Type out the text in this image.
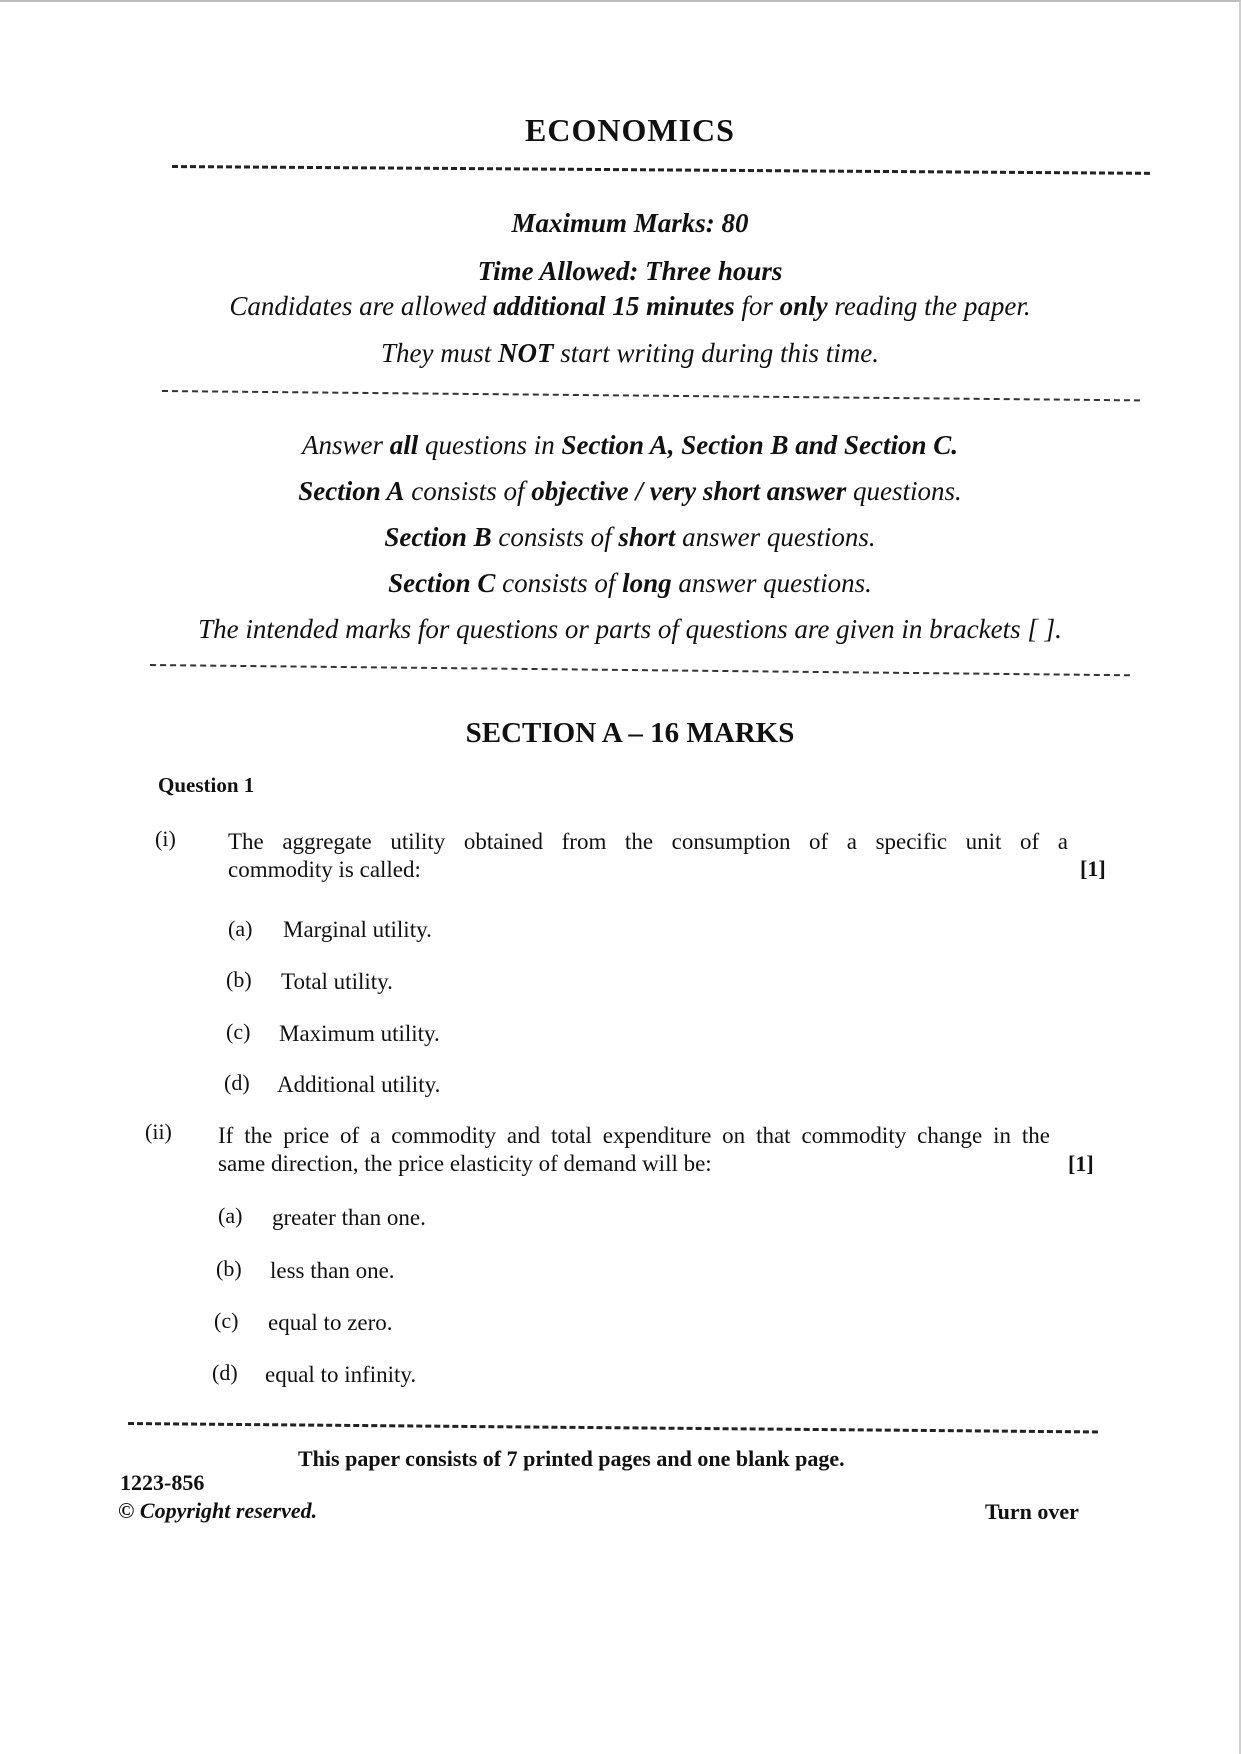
ECONOMICS
Maximum Marks: 80
Time Allowed: Three hours
Candidates are allowed additional 15 minutes for only reading the paper.
They must NOT start writing during this time.
Answer all questions in Section A, Section B and Section C.
Section A consists of objective / very short answer questions.
Section B consists of short answer questions.
Section C consists of long answer questions.
The intended marks for questions or parts of questions are given in brackets [ ].
SECTION A – 16 MARKS
Question 1
(i) The aggregate utility obtained from the consumption of a specific unit of a
commodity is called:	[1]
(a) Marginal utility.
(b) Total utility.
(c) Maximum utility.
(d) Additional utility.
(ii) If the price of a commodity and total expenditure on that commodity change in the
same direction, the price elasticity of demand will be:	[1]
(a) greater than one.
(b) less than one.
(c) equal to zero.
(d) equal to infinity.
This paper consists of 7 printed pages and one blank page.
1223-856
© Copyright reserved.	Turn over
